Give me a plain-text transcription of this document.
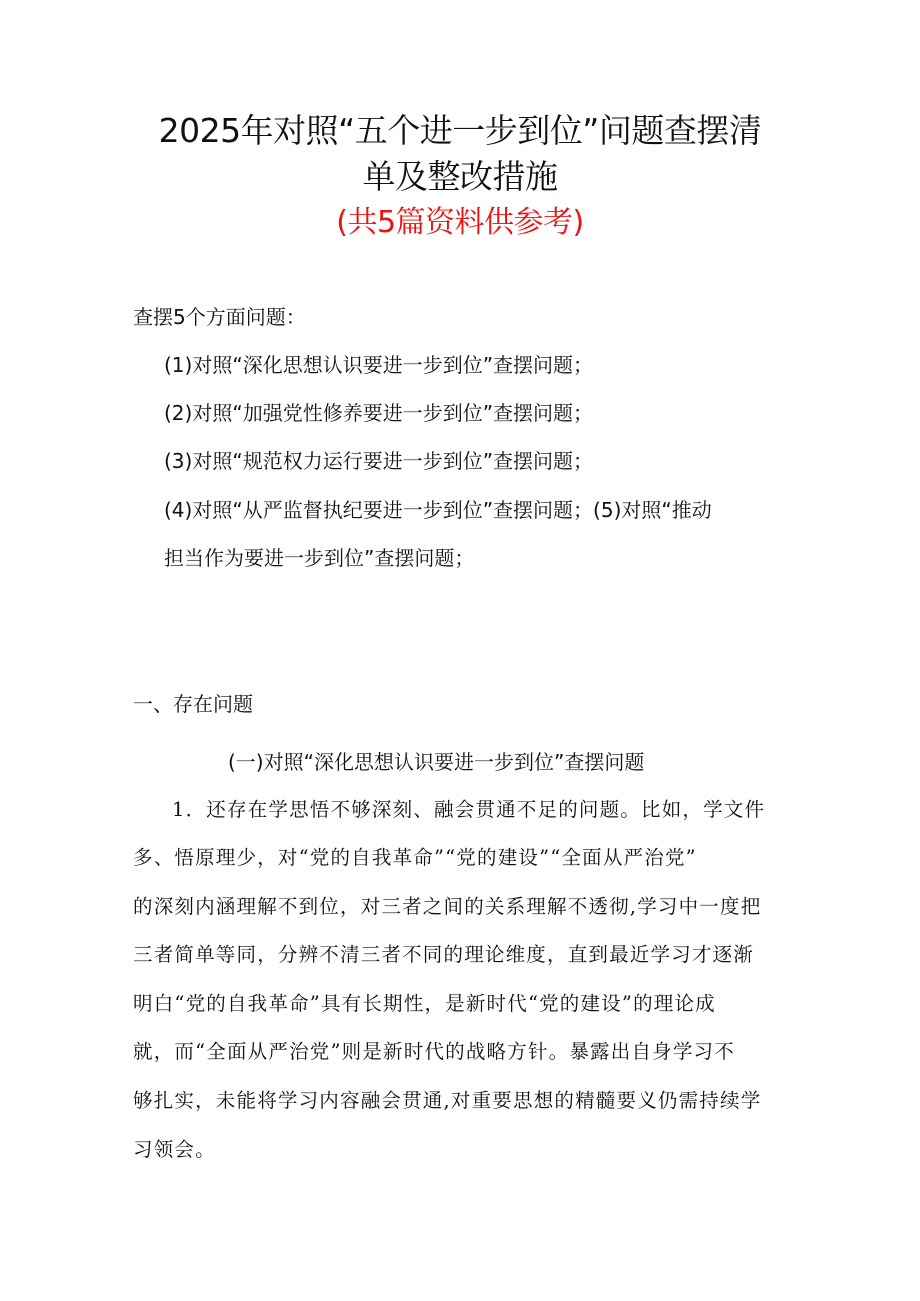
2025年对照“五个进一步到位”问题查摆清
单及整改措施
(共5篇资料供参考)
查摆5个方面问题：
(1)对照“深化思想认识要进一步到位”查摆问题；
(2)对照“加强党性修养要进一步到位”查摆问题；
(3)对照“规范权力运行要进一步到位”查摆问题；
(4)对照“从严监督执纪要进一步到位”查摆问题；(5)对照“推动
担当作为要进一步到位”查摆问题；
一、存在问题
(一)对照“深化思想认识要进一步到位”查摆问题
1．还存在学思悟不够深刻、融会贯通不足的问题。比如，学文件
多、悟原理少，对“党的自我革命”“党的建设”“全面从严治党”
的深刻内涵理解不到位，对三者之间的关系理解不透彻,学习中一度把
三者简单等同，分辨不清三者不同的理论维度，直到最近学习才逐渐
明白“党的自我革命”具有长期性，是新时代“党的建设”的理论成
就，而“全面从严治党”则是新时代的战略方针。暴露出自身学习不
够扎实，未能将学习内容融会贯通,对重要思想的精髓要义仍需持续学
习领会。
